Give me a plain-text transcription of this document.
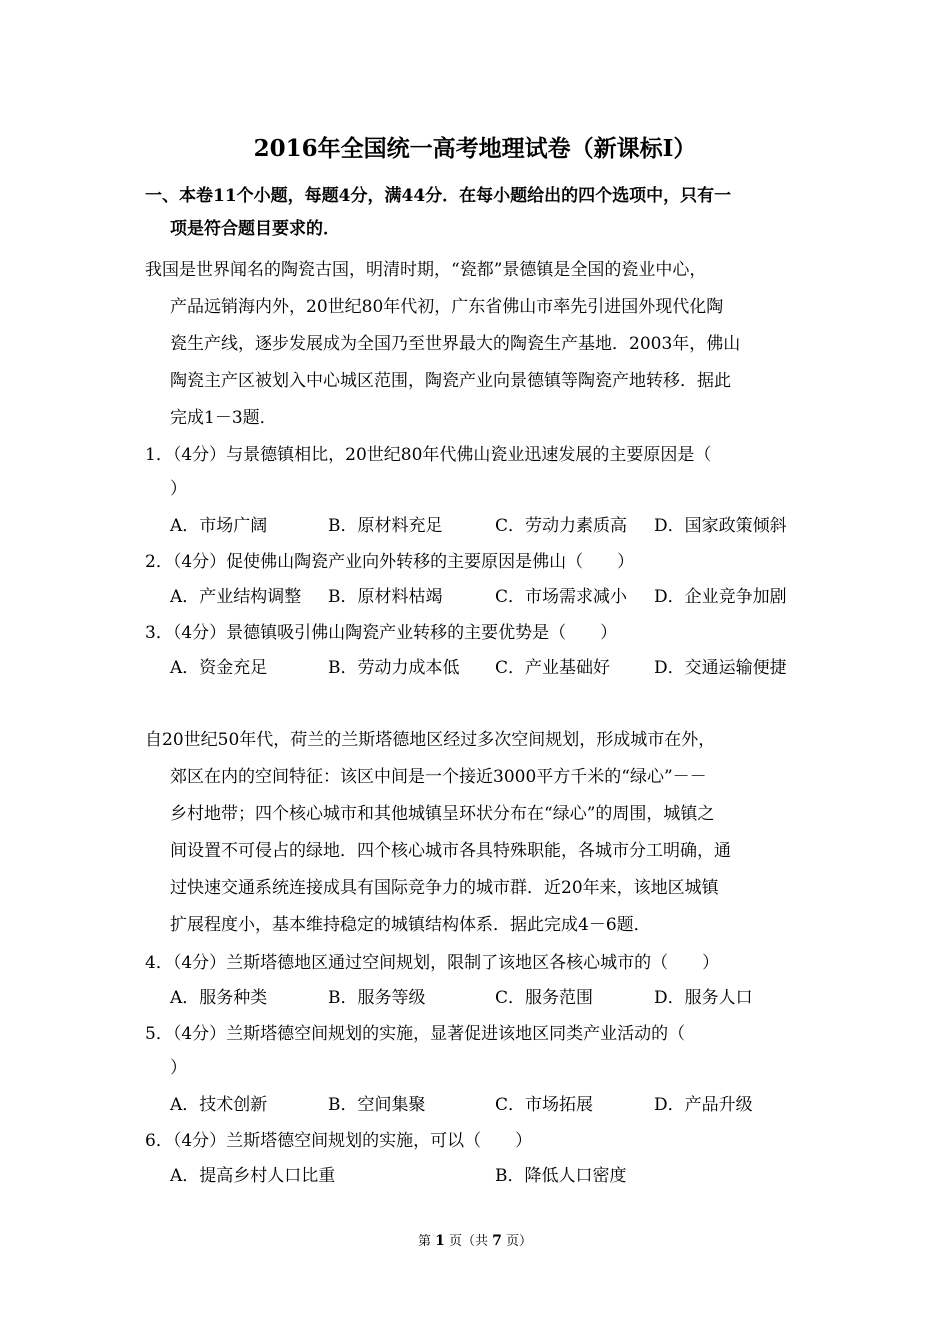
2016年全国统一高考地理试卷（新课标Ⅰ）
一、本卷11个小题，每题4分，满44分．在每小题给出的四个选项中，只有一
项是符合题目要求的．
我国是世界闻名的陶瓷古国，明清时期，“瓷都”景德镇是全国的瓷业中心，
产品远销海内外，20世纪80年代初，广东省佛山市率先引进国外现代化陶
瓷生产线，逐步发展成为全国乃至世界最大的陶瓷生产基地．2003年，佛山
陶瓷主产区被划入中心城区范围，陶瓷产业向景德镇等陶瓷产地转移．据此
完成1－3题．
1．（4分）与景德镇相比，20世纪80年代佛山瓷业迅速发展的主要原因是（
）
A．市场广阔	B．原材料充足	C．劳动力素质高 D．国家政策倾斜
2．（4分）促使佛山陶瓷产业向外转移的主要原因是佛山（　　）
A．产业结构调整 B．原材料枯竭	C．市场需求减小 D．企业竞争加剧
3．（4分）景德镇吸引佛山陶瓷产业转移的主要优势是（　　）
A．资金充足	B．劳动力成本低 C．产业基础好	D．交通运输便捷
自20世纪50年代，荷兰的兰斯塔德地区经过多次空间规划，形成城市在外，
郊区在内的空间特征：该区中间是一个接近3000平方千米的“绿心”－－
乡村地带；四个核心城市和其他城镇呈环状分布在“绿心”的周围，城镇之
间设置不可侵占的绿地．四个核心城市各具特殊职能，各城市分工明确，通
过快速交通系统连接成具有国际竞争力的城市群．近20年来，该地区城镇
扩展程度小，基本维持稳定的城镇结构体系．据此完成4－6题．
4．（4分）兰斯塔德地区通过空间规划，限制了该地区各核心城市的（　　）
A．服务种类	B．服务等级	C．服务范围	D．服务人口
5．（4分）兰斯塔德空间规划的实施，显著促进该地区同类产业活动的（
）
A．技术创新	B．空间集聚	C．市场拓展	D．产品升级
6．（4分）兰斯塔德空间规划的实施，可以（　　）
A．提高乡村人口比重	B．降低人口密度
第 1 页（共 7 页）
